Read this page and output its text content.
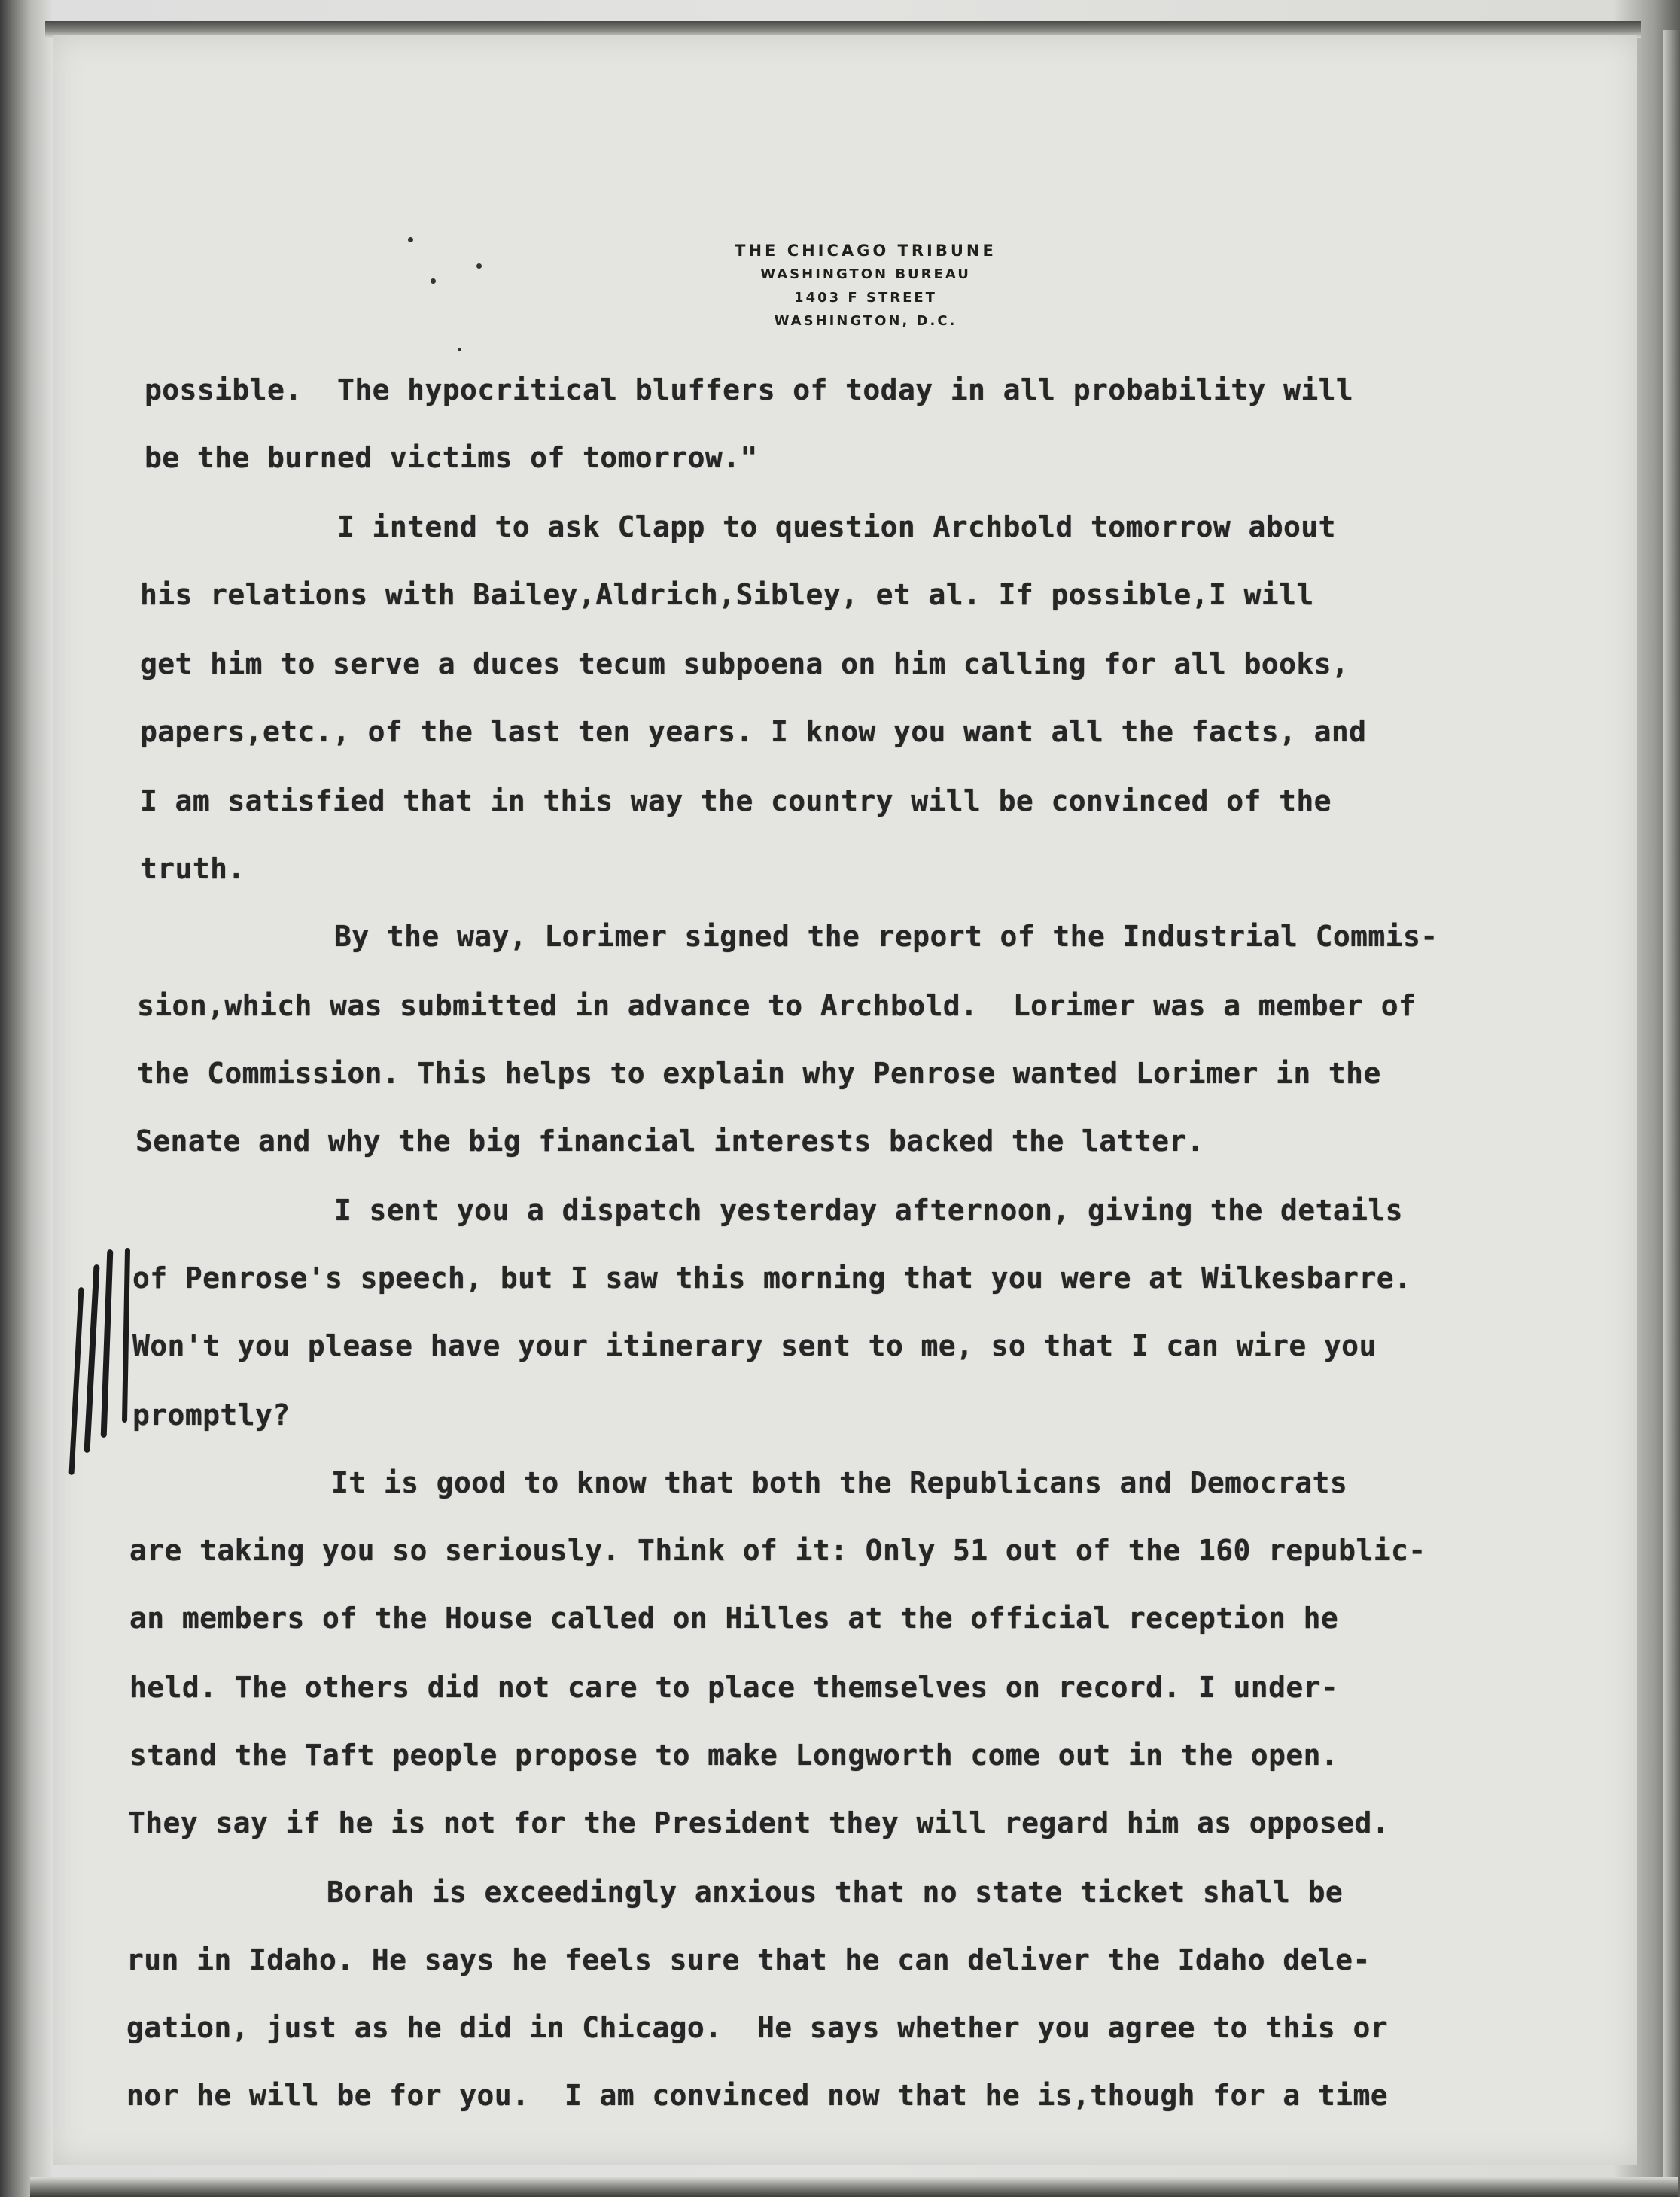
THE CHICAGO TRIBUNE
WASHINGTON BUREAU
1403 F STREET
WASHINGTON, D.C.
possible.  The hypocritical bluffers of today in all probability will
be the burned victims of tomorrow."
I intend to ask Clapp to question Archbold tomorrow about
his relations with Bailey,Aldrich,Sibley, et al. If possible,I will
get him to serve a duces tecum subpoena on him calling for all books,
papers,etc., of the last ten years. I know you want all the facts, and
I am satisfied that in this way the country will be convinced of the
truth.
By the way, Lorimer signed the report of the Industrial Commis-
sion,which was submitted in advance to Archbold.  Lorimer was a member of
the Commission. This helps to explain why Penrose wanted Lorimer in the
Senate and why the big financial interests backed the latter.
I sent you a dispatch yesterday afternoon, giving the details
of Penrose's speech, but I saw this morning that you were at Wilkesbarre.
Won't you please have your itinerary sent to me, so that I can wire you
promptly?
It is good to know that both the Republicans and Democrats
are taking you so seriously. Think of it: Only 51 out of the 160 republic-
an members of the House called on Hilles at the official reception he
held. The others did not care to place themselves on record. I under-
stand the Taft people propose to make Longworth come out in the open.
They say if he is not for the President they will regard him as opposed.
Borah is exceedingly anxious that no state ticket shall be
run in Idaho. He says he feels sure that he can deliver the Idaho dele-
gation, just as he did in Chicago.  He says whether you agree to this or
nor he will be for you.  I am convinced now that he is,though for a time
